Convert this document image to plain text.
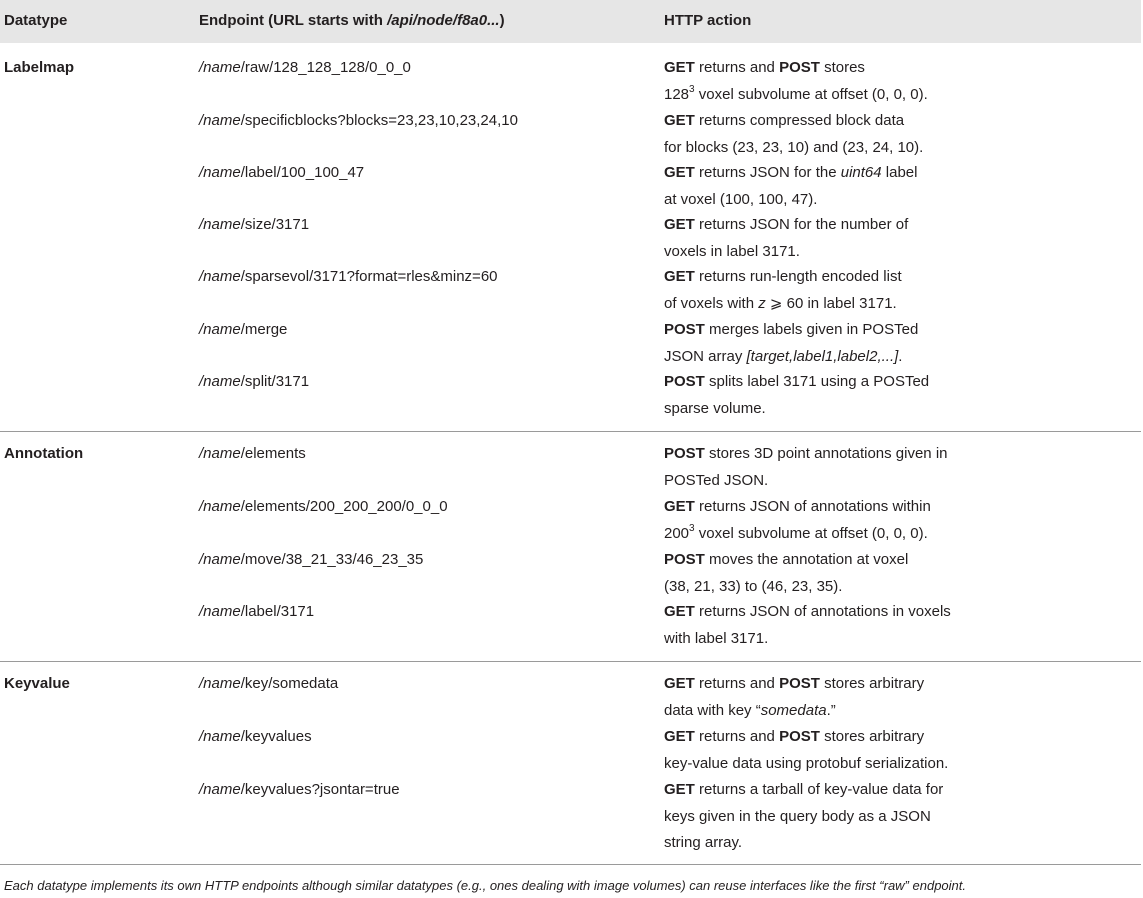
Datatype	Endpoint (URL starts with /api/node/f8a0...)	HTTP action
Labelmap	/name/raw/128_128_128/0_0_0	GET returns and POST stores
$128^3$ voxel subvolume at offset (0, 0, 0).
/name/specificblocks?blocks=23,23,10,23,24,10	GET returns compressed block data
for blocks (23, 23, 10) and (23, 24, 10).
/name/label/100_100_47	GET returns JSON for the uint64 label
at voxel (100, 100, 47).
/name/size/3171	GET returns JSON for the number of
voxels in label 3171.
/name/sparsevol/3171?format=rles&minz=60	GET returns run-length encoded list
of voxels with z ⩾ 60 in label 3171.
/name/merge	POST merges labels given in POSTed
JSON array [target,label1,label2,...].
/name/split/3171	POST splits label 3171 using a POSTed
sparse volume.
Annotation	/name/elements	POST stores 3D point annotations given in
POSTed JSON.
/name/elements/200_200_200/0_0_0	GET returns JSON of annotations within
$200^3$ voxel subvolume at offset (0, 0, 0).
/name/move/38_21_33/46_23_35	POST moves the annotation at voxel
(38, 21, 33) to (46, 23, 35).
/name/label/3171	GET returns JSON of annotations in voxels
with label 3171.
Keyvalue	/name/key/somedata	GET returns and POST stores arbitrary
data with key “somedata.”
/name/keyvalues	GET returns and POST stores arbitrary
key-value data using protobuf serialization.
/name/keyvalues?jsontar=true	GET returns a tarball of key-value data for
keys given in the query body as a JSON
string array.
Each datatype implements its own HTTP endpoints although similar datatypes (e.g., ones dealing with image volumes) can reuse interfaces like the first “raw” endpoint.
